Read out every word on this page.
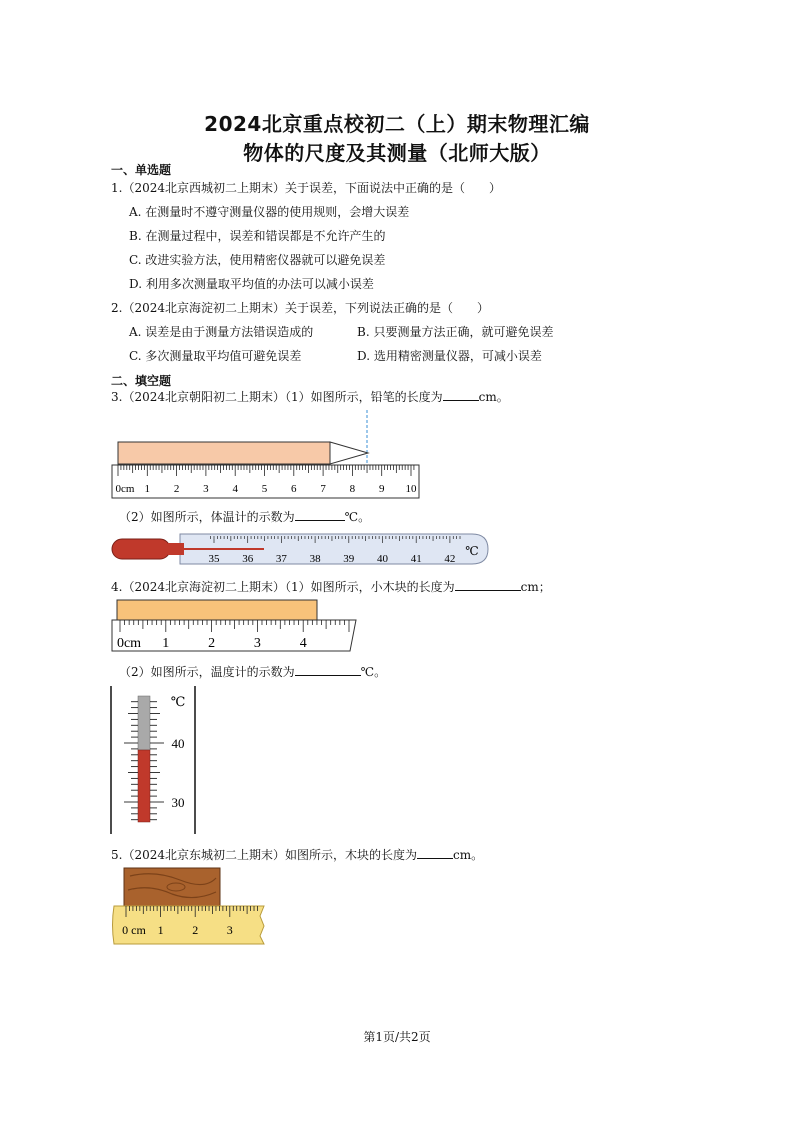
2024北京重点校初二（上）期末物理汇编
物体的尺度及其测量（北师大版）
一、单选题
1.（2024北京西城初二上期末）关于误差，下面说法中正确的是（　　）
A. 在测量时不遵守测量仪器的使用规则，会增大误差
B. 在测量过程中，误差和错误都是不允许产生的
C. 改进实验方法，使用精密仪器就可以避免误差
D. 利用多次测量取平均值的办法可以减小误差
2.（2024北京海淀初二上期末）关于误差，下列说法正确的是（　　）
A. 误差是由于测量方法错误造成的	B. 只要测量方法正确，就可避免误差
C. 多次测量取平均值可避免误差	D. 选用精密测量仪器，可减小误差
二、填空题
3.（2024北京朝阳初二上期末）（1）如图所示，铅笔的长度为	cm。
0cm 1 2 3 4 5 6 7 8 9 10
（2）如图所示，体温计的示数为	℃。
35 36 37 38 39 40 41 42
℃
4.（2024北京海淀初二上期末）（1）如图所示，小木块的长度为	cm；
0cm 1	2	3	4
（2）如图所示，温度计的示数为	℃。
℃
40
30
5.（2024北京东城初二上期末）如图所示，木块的长度为	cm。
0 cm 1 2 3
第1页/共2页
